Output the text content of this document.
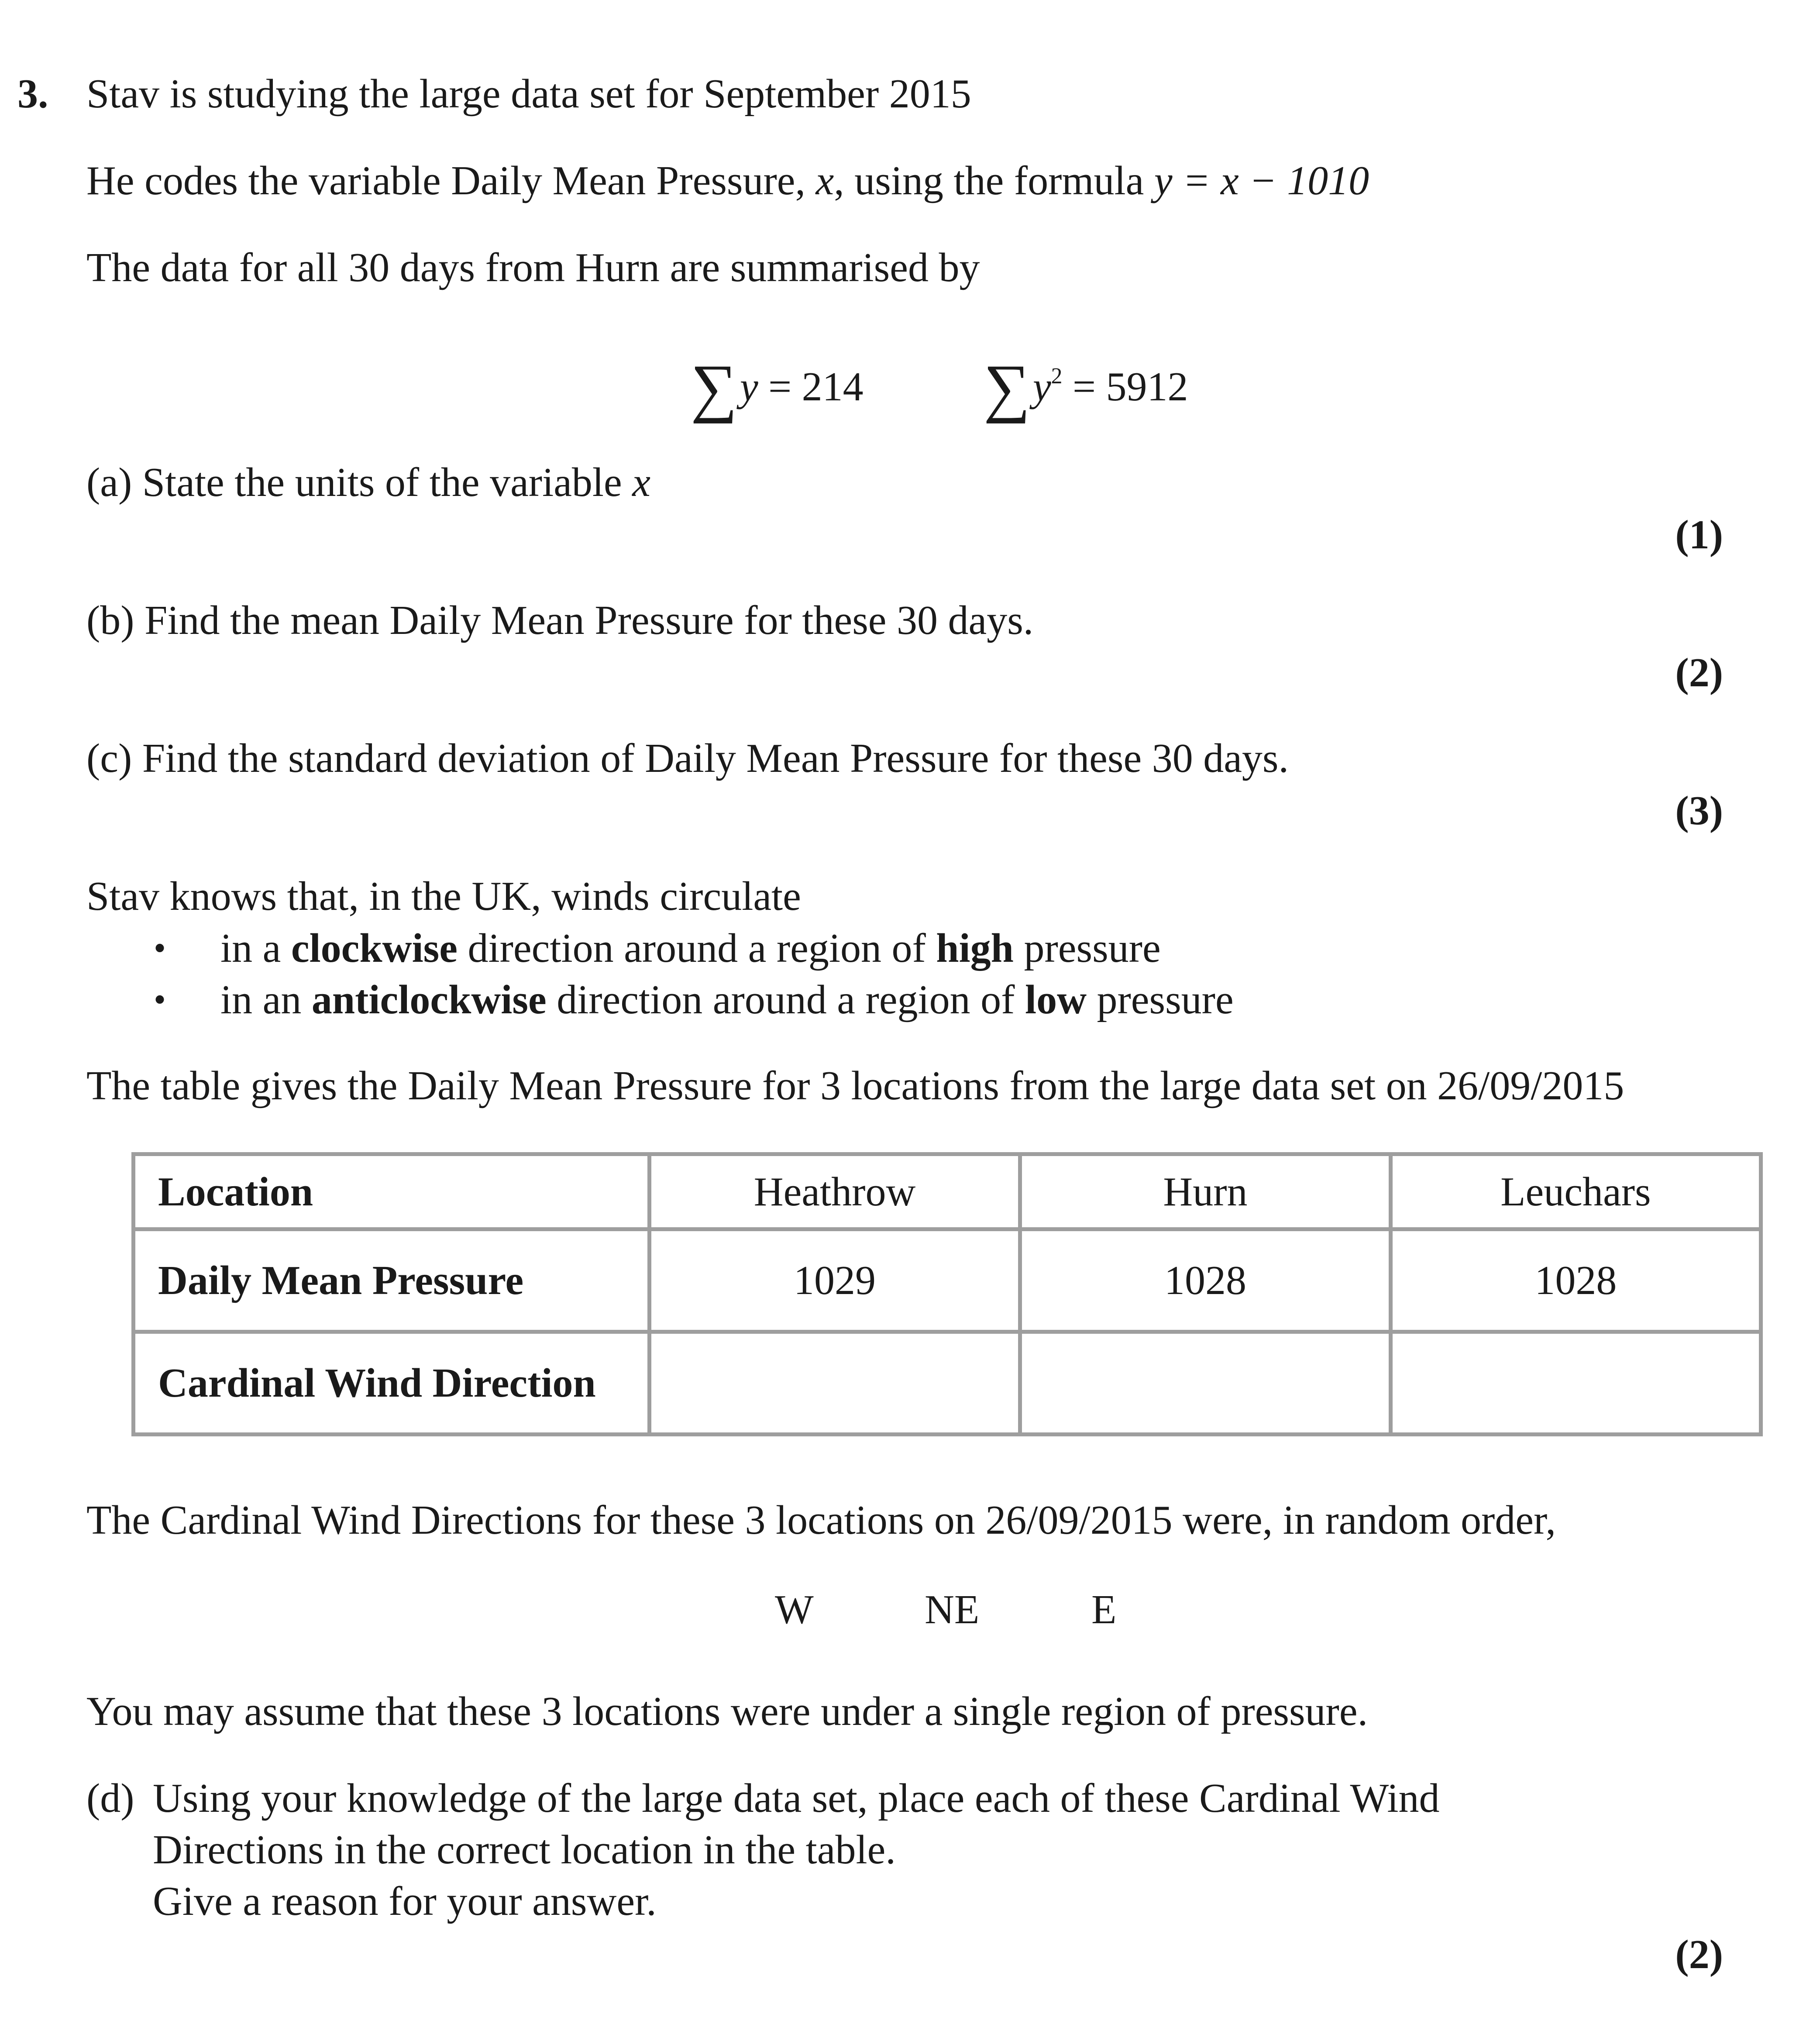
3. Stav is studying the large data set for September 2015
He codes the variable Daily Mean Pressure, x, using the formula y = x − 1010
The data for all 30 days from Hurn are summarised by
∑y = 214 $\sum y^2 = 5912$
(a) State the units of the variable x
(1)
(b) Find the mean Daily Mean Pressure for these 30 days.
(2)
(c) Find the standard deviation of Daily Mean Pressure for these 30 days.
(3)
Stav knows that, in the UK, winds circulate
• in a clockwise direction around a region of high pressure
• in an anticlockwise direction around a region of low pressure
The table gives the Daily Mean Pressure for 3 locations from the large data set on 26/09/2015
Location	Heathrow	Hurn	Leuchars
Daily Mean Pressure	1029	1028	1028
Cardinal Wind Direction			
The Cardinal Wind Directions for these 3 locations on 26/09/2015 were, in random order,
W	NE	E
You may assume that these 3 locations were under a single region of pressure.
(d) Using your knowledge of the large data set, place each of these Cardinal Wind
Directions in the correct location in the table.
Give a reason for your answer.
(2)
